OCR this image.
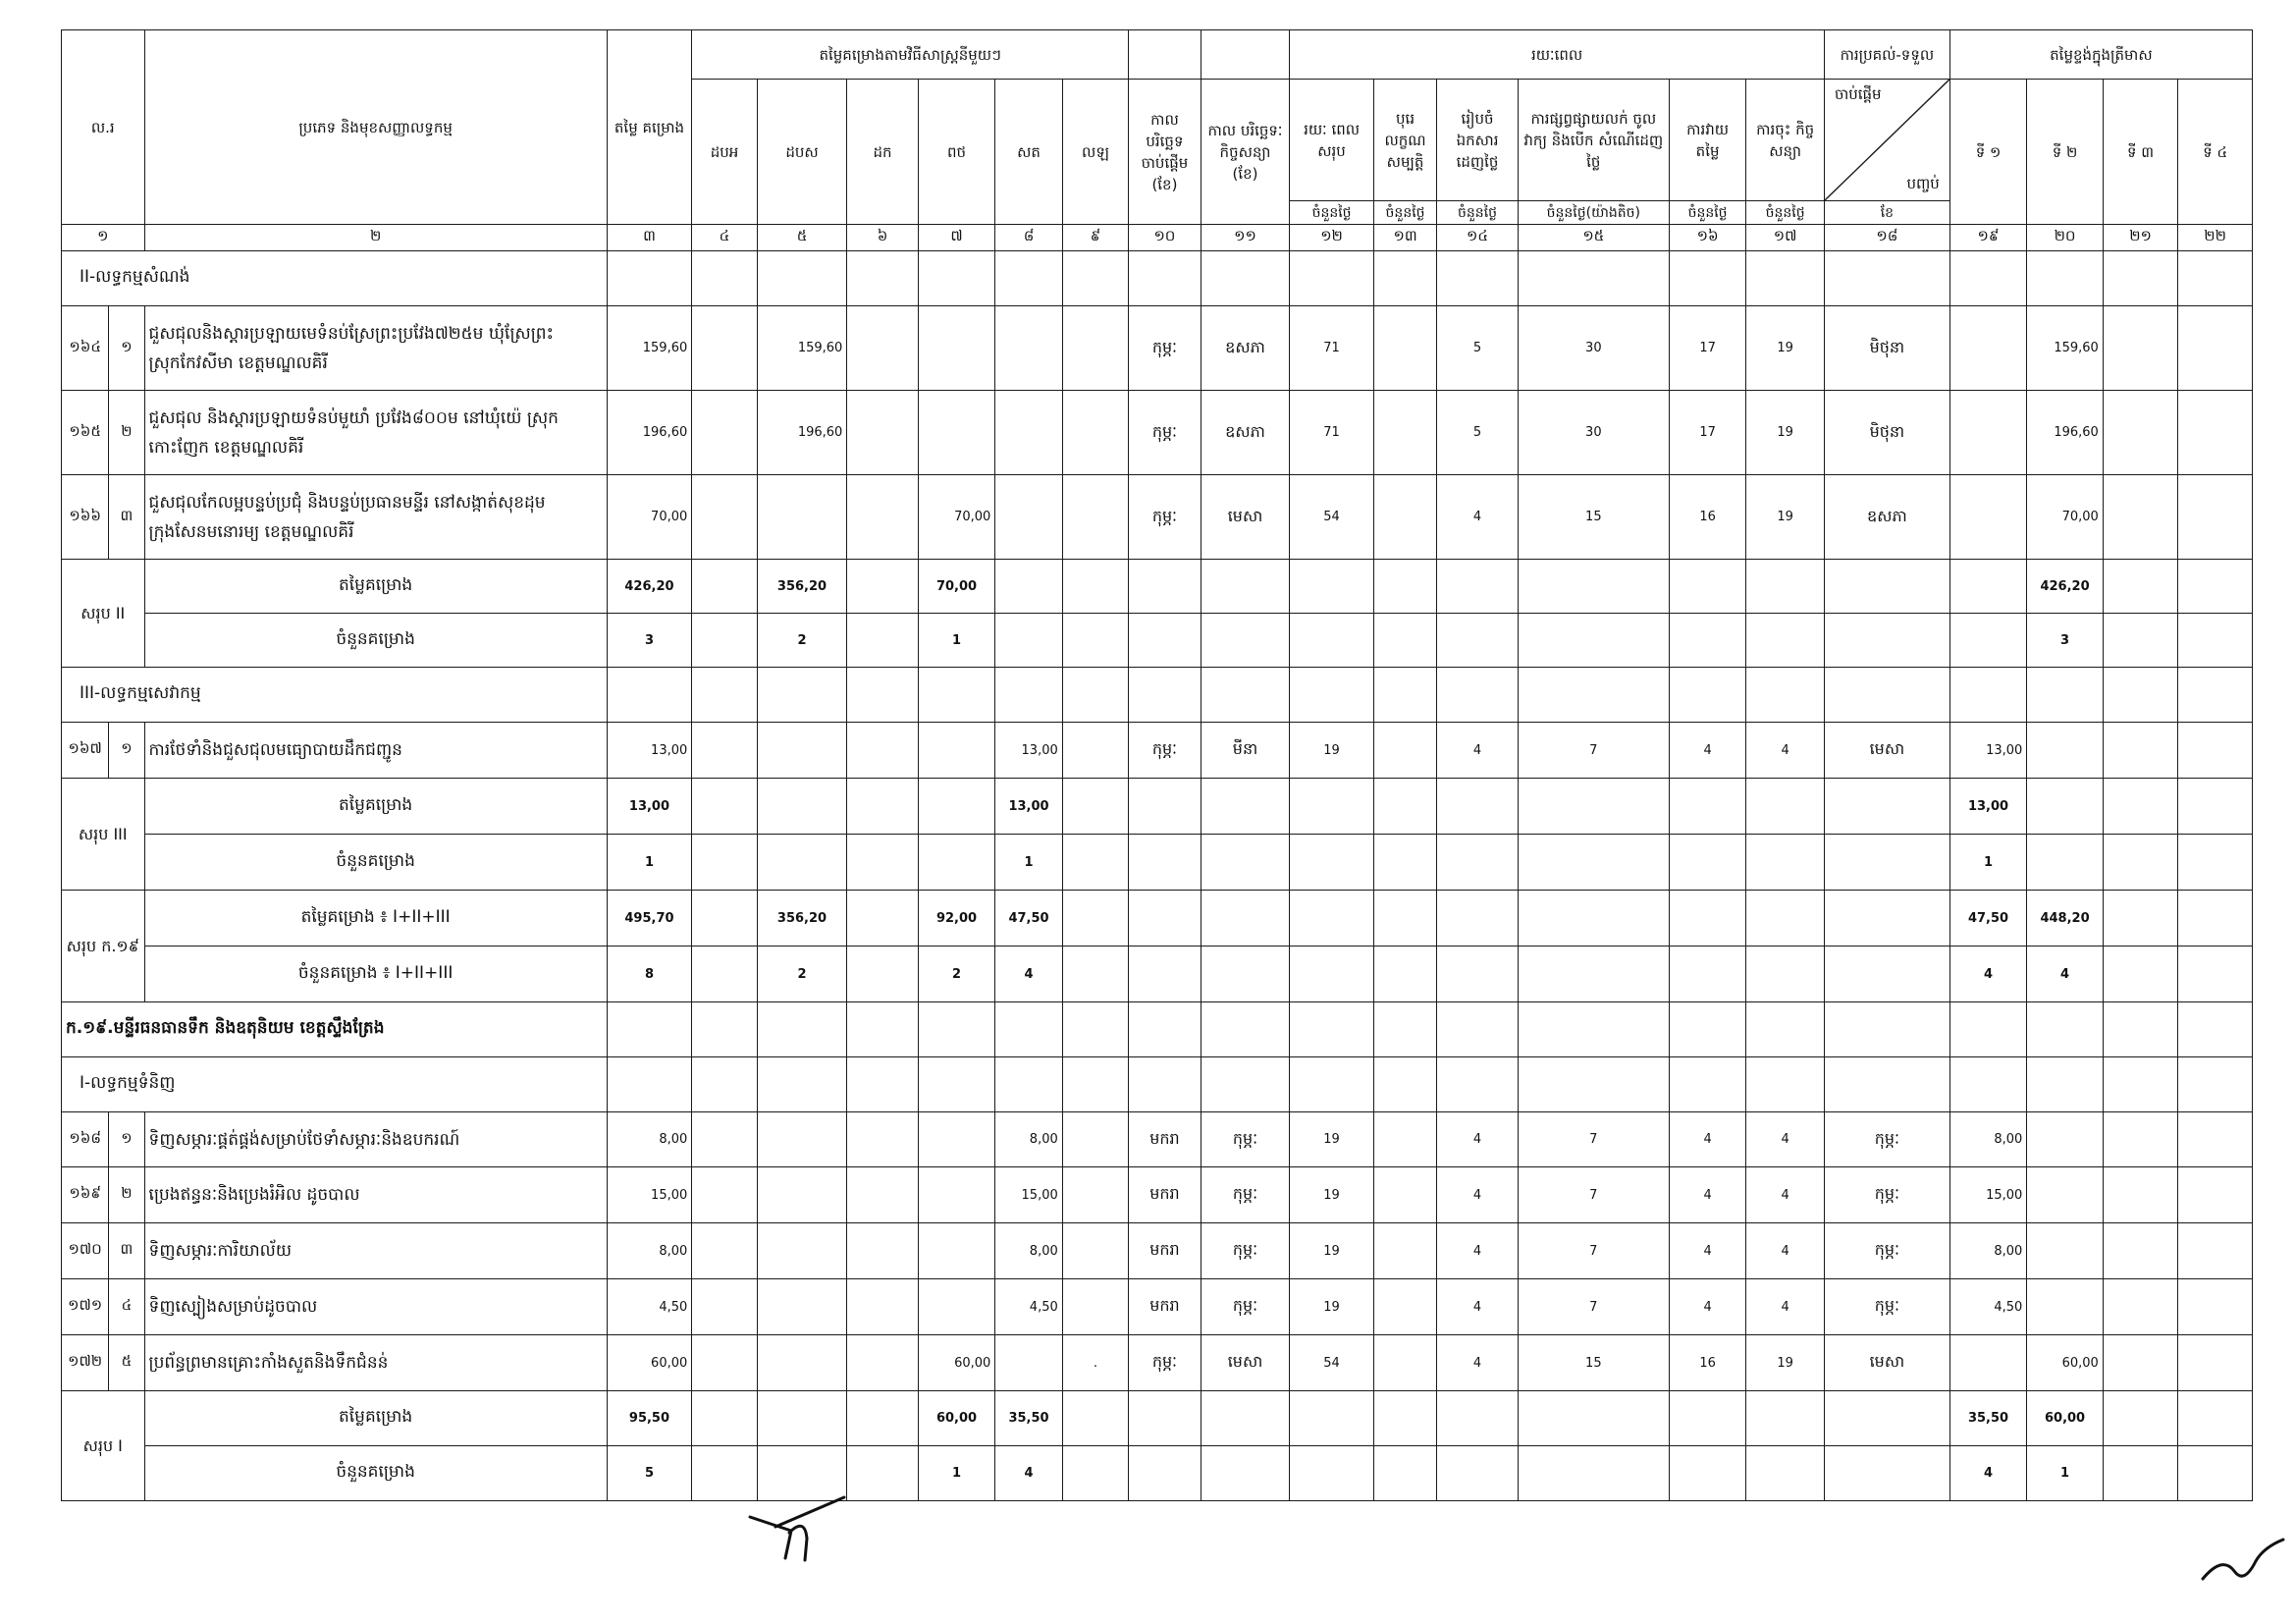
ល.រ		ប្រភេទ និងមុខសញ្ញាលទ្ធកម្ម	តម្លៃ គម្រោង	តម្លៃគម្រោងតាមវិធីសាស្ត្រនីមួយៗ								រយៈពេល						ការប្រគល់-ទទួល	តម្លៃខ្ទង់ក្នុងត្រីមាស			
				ដបអ	ដបស	ដក	ពថ	សត	លឡ	កាល បរិច្ឆេទ ចាប់ផ្តើម (ខែ)	កាល បរិច្ឆេទៈ កិច្ចសន្យា (ខែ)	រយៈ ពេលសរុប	បុរេ លក្ខណ សម្បត្តិ	រៀបចំ ឯកសារ ដេញថ្លៃ	ការផ្សព្វផ្សាយលក់ ចូលវាក្យ និងបើក សំណើដេញថ្លៃ	ការវាយ តម្លៃ	ការចុះ កិច្ចសន្យា	ចាប់ផ្តើម
បញ្ចប់	ទី ១	ទី ២	ទី ៣	ទី ៤
												ចំនួនថ្ងៃ	ចំនួនថ្ងៃ	ចំនួនថ្ងៃ	ចំនួនថ្ងៃ(យ៉ាងតិច)	ចំនួនថ្ងៃ	ចំនួនថ្ងៃ	ខែ				
១		២	៣	៤	៥	៦	៧	៨	៩	១០	១១	១២	១៣	១៤	១៥	១៦	១៧	១៨	១៩	២០	២១	២២
II-លទ្ធកម្មសំណង់																						
១៦៤	១	ជួសជុលនិងស្តារប្រឡាយមេទំនប់ស្រែព្រះប្រវែង៧២៥ម ឃុំស្រែព្រះ ស្រុកកែវសីមា ខេត្តមណ្ឌលគិរី	159,60		159,60					កុម្ភៈ	ឧសភា	71		5	30	17	19	មិថុនា		159,60		
១៦៥	២	ជួសជុល និងស្តារប្រឡាយទំនប់មួយាំ ប្រវែង៨០០ម នៅឃុំយ៉េ ស្រុក កោះញែក ខេត្តមណ្ឌលគិរី	196,60		196,60					កុម្ភៈ	ឧសភា	71		5	30	17	19	មិថុនា		196,60		
១៦៦	៣	ជួសជុលកែលម្អបន្ទប់ប្រជុំ និងបន្ទប់ប្រធានមន្ទីរ នៅសង្កាត់សុខដុម ក្រុងសែនមនោរម្យ ខេត្តមណ្ឌលគិរី	70,00				70,00			កុម្ភៈ	មេសា	54		4	15	16	19	ឧសភា		70,00		
សរុប II		តម្លៃគម្រោង	426,20		356,20		70,00													426,20		
		ចំនួនគម្រោង	3		2		1													3		
III-លទ្ធកម្មសេវាកម្ម																						
១៦៧	១	ការថែទាំនិងជួសជុលមធ្យោបាយដឹកជញ្ជូន	13,00					13,00		កុម្ភៈ	មីនា	19		4	7	4	4	មេសា	13,00			
សរុប III		តម្លៃគម្រោង	13,00					13,00											13,00			
		ចំនួនគម្រោង	1					1											1			
សរុប ក.១៩		តម្លៃគម្រោង ៖ I+II+III	495,70		356,20		92,00	47,50											47,50	448,20		
		ចំនួនគម្រោង ៖ I+II+III	8		2		2	4											4	4		
ក.១៩.មន្ទីរធនធានទឹក និងឧតុនិយម ខេត្តស្ទឹងត្រែង																						
I-លទ្ធកម្មទំនិញ																						
១៦៨	១	ទិញសម្ភារៈផ្គត់ផ្គង់សម្រាប់ថែទាំសម្ភារៈនិងឧបករណ៍	8,00					8,00		មករា	កុម្ភៈ	19		4	7	4	4	កុម្ភៈ	8,00			
១៦៩	២	ប្រេងឥន្ធនៈនិងប្រេងរំអិល ដូចបាល	15,00					15,00		មករា	កុម្ភៈ	19		4	7	4	4	កុម្ភៈ	15,00			
១៧០	៣	ទិញសម្ភារៈការិយាល័យ	8,00					8,00		មករា	កុម្ភៈ	19		4	7	4	4	កុម្ភៈ	8,00			
១៧១	៤	ទិញស្បៀងសម្រាប់ដូចបាល	4,50					4,50		មករា	កុម្ភៈ	19		4	7	4	4	កុម្ភៈ	4,50			
១៧២	៥	ប្រព័ន្ធព្រមានគ្រោះកាំងសួតនិងទឹកជំនន់	60,00				60,00		.	កុម្ភៈ	មេសា	54		4	15	16	19	មេសា		60,00		
សរុប I		តម្លៃគម្រោង	95,50				60,00	35,50											35,50	60,00		
		ចំនួនគម្រោង	5				1	4											4	1		
